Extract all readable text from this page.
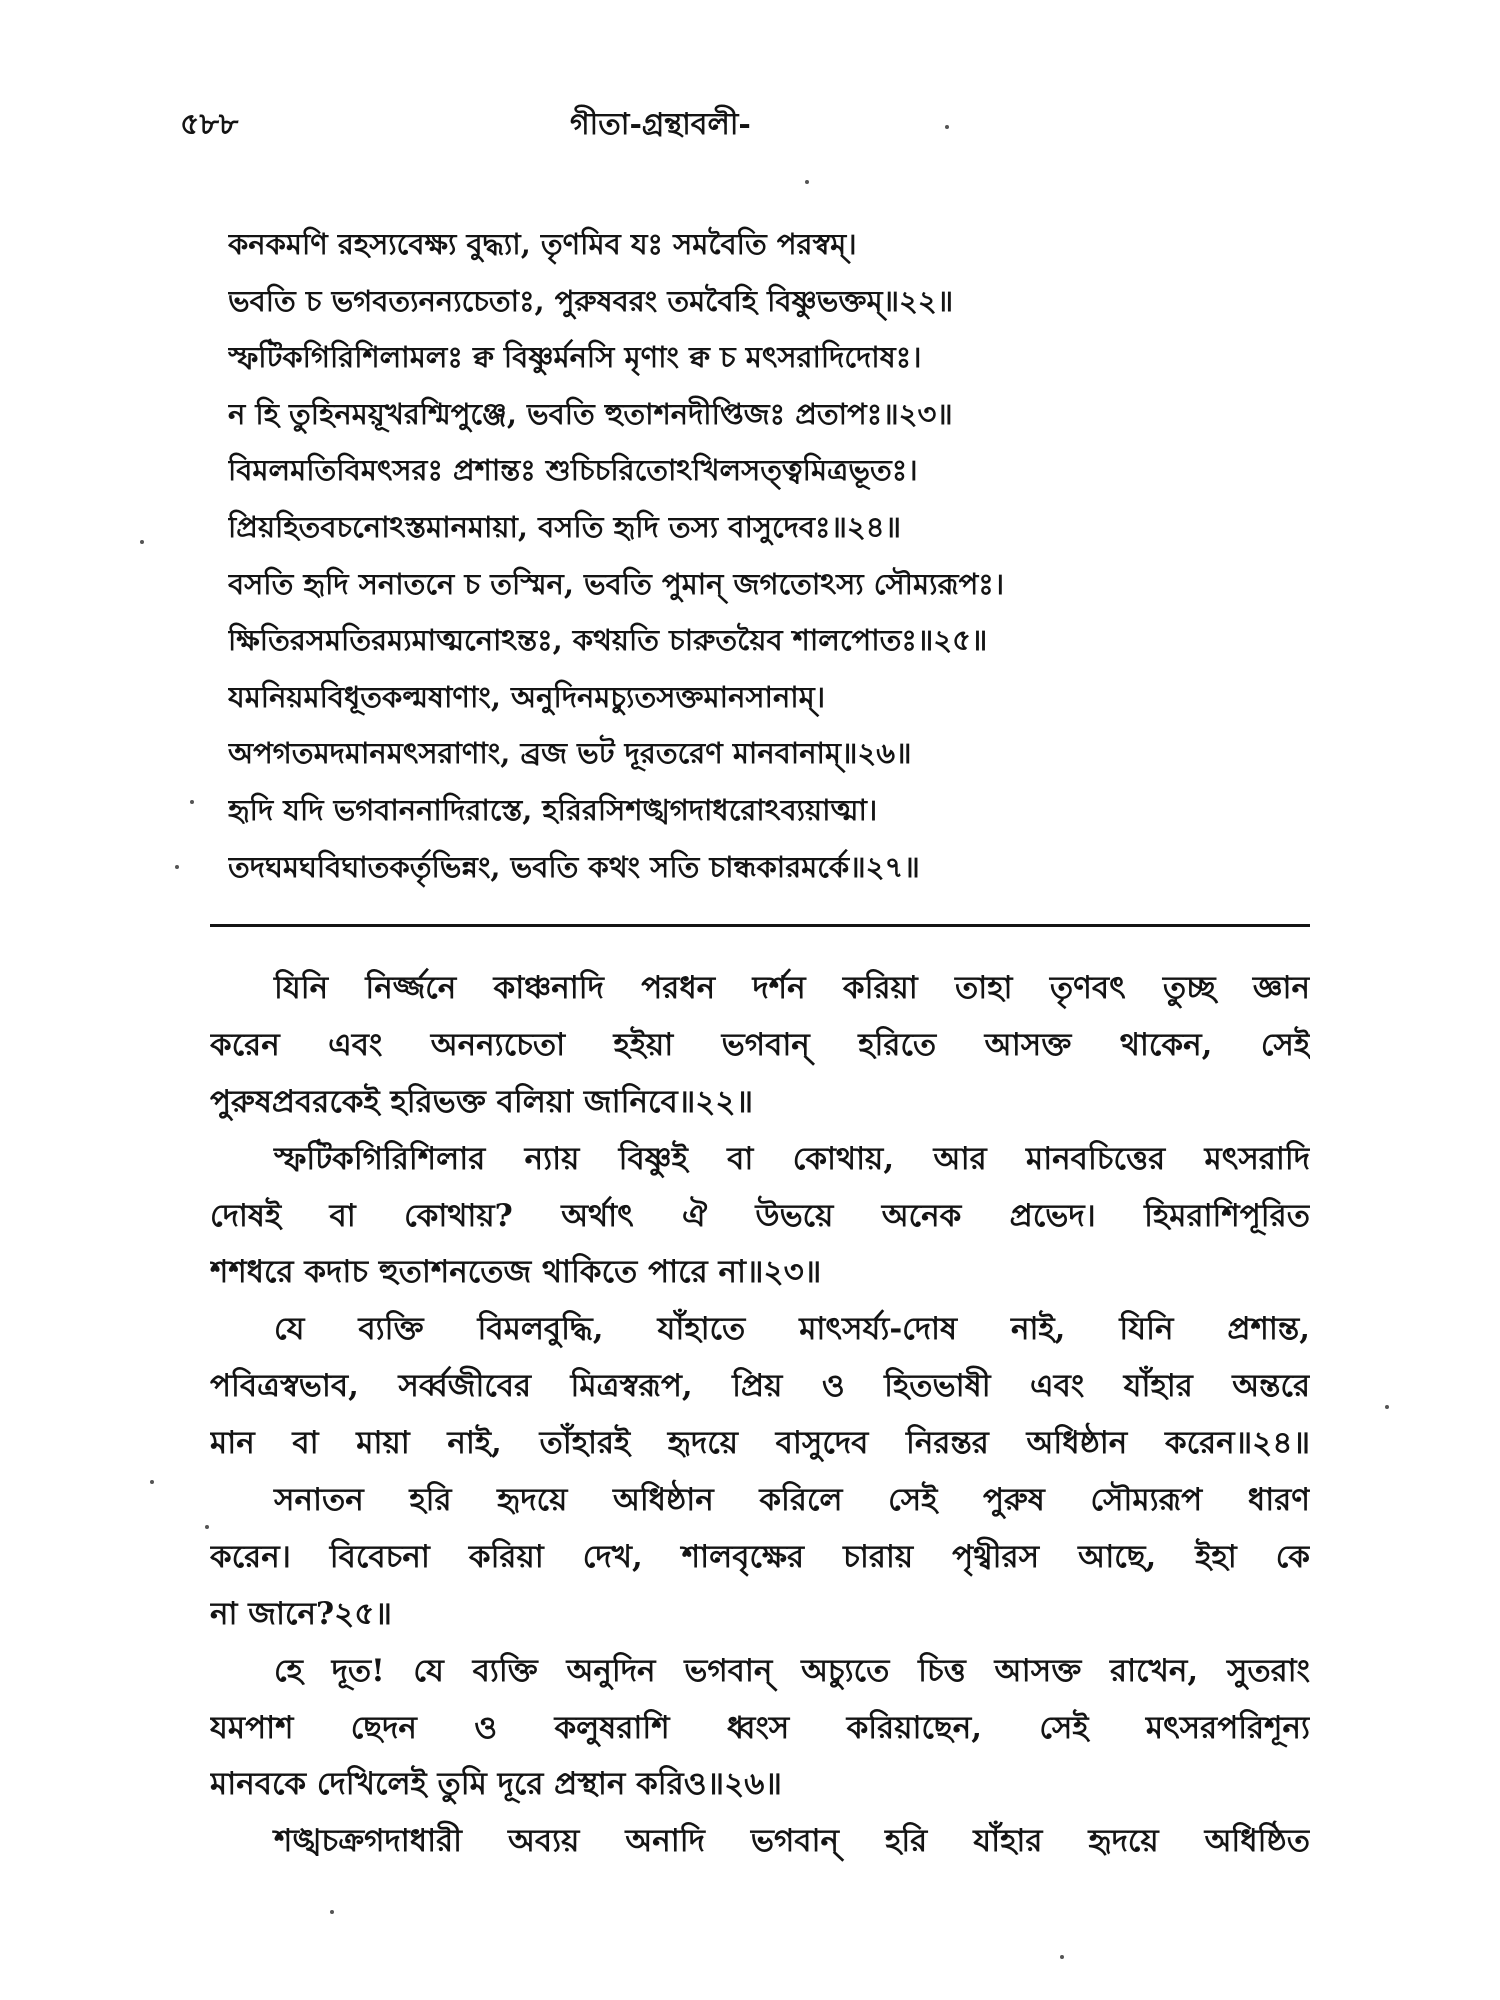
৫৮৮	গীতা-গ্রন্থাবলী-
কনকমণি রহস্যবেক্ষ্য বুদ্ধ্যা, তৃণমিব যঃ সমবৈতি পরস্বম্।
ভবতি চ ভগবত্যনন্যচেতাঃ, পুরুষবরং তমবৈহি বিষ্ণুভক্তম্॥২২॥
স্ফটিকগিরিশিলামলঃ ক্ব বিষ্ণুর্মনসি মৃণাং ক্ব চ মৎসরাদিদোষঃ।
ন হি তুহিনময়ূখরশ্মিপুঞ্জে, ভবতি হুতাশনদীপ্তিজঃ প্রতাপঃ॥২৩॥
বিমলমতিবিমৎসরঃ প্রশান্তঃ শুচিচরিতোঽখিলসত্ত্বমিত্রভূতঃ।
প্রিয়হিতবচনোঽস্তমানমায়া, বসতি হৃদি তস্য বাসুদেবঃ॥২৪॥
বসতি হৃদি সনাতনে চ তস্মিন, ভবতি পুমান্ জগতোঽস্য সৌম্যরূপঃ।
ক্ষিতিরসমতিরম্যমাত্মনোঽন্তঃ, কথয়তি চারুতয়ৈব শালপোতঃ॥২৫॥
যমনিয়মবিধূতকল্মষাণাং, অনুদিনমচ্যুতসক্তমানসানাম্।
অপগতমদমানমৎসরাণাং, ব্রজ ভট দূরতরেণ মানবানাম্॥২৬॥
হৃদি যদি ভগবাননাদিরাস্তে, হরিরসিশঙ্খগদাধরোঽব্যয়াত্মা।
তদঘমঘবিঘাতকর্তৃভিন্নং, ভবতি কথং সতি চান্ধকারমর্কে॥২৭॥
যিনি নির্জ্জনে কাঞ্চনাদি পরধন দর্শন করিয়া তাহা তৃণবৎ তুচ্ছ জ্ঞান
করেন এবং অনন্যচেতা হইয়া ভগবান্ হরিতে আসক্ত থাকেন, সেই
পুরুষপ্রবরকেই হরিভক্ত বলিয়া জানিবে॥২২॥
স্ফটিকগিরিশিলার ন্যায় বিষ্ণুই বা কোথায়, আর মানবচিত্তের মৎসরাদি
দোষই বা কোথায়? অর্থাৎ ঐ উভয়ে অনেক প্রভেদ। হিমরাশিপূরিত
শশধরে কদাচ হুতাশনতেজ থাকিতে পারে না॥২৩॥
যে ব্যক্তি বিমলবুদ্ধি, যাঁহাতে মাৎসর্য্য-দোষ নাই, যিনি প্রশান্ত,
পবিত্রস্বভাব, সর্ব্বজীবের মিত্রস্বরূপ, প্রিয় ও হিতভাষী এবং যাঁহার অন্তরে
মান বা মায়া নাই, তাঁহারই হৃদয়ে বাসুদেব নিরন্তর অধিষ্ঠান করেন॥২৪॥
সনাতন হরি হৃদয়ে অধিষ্ঠান করিলে সেই পুরুষ সৌম্যরূপ ধারণ
করেন। বিবেচনা করিয়া দেখ, শালবৃক্ষের চারায় পৃথ্বীরস আছে, ইহা কে
না জানে?২৫॥
হে দূত! যে ব্যক্তি অনুদিন ভগবান্ অচ্যুতে চিত্ত আসক্ত রাখেন, সুতরাং
যমপাশ ছেদন ও কলুষরাশি ধ্বংস করিয়াছেন, সেই মৎসরপরিশূন্য
মানবকে দেখিলেই তুমি দূরে প্রস্থান করিও॥২৬॥
শঙ্খচক্রগদাধারী অব্যয় অনাদি ভগবান্ হরি যাঁহার হৃদয়ে অধিষ্ঠিত
